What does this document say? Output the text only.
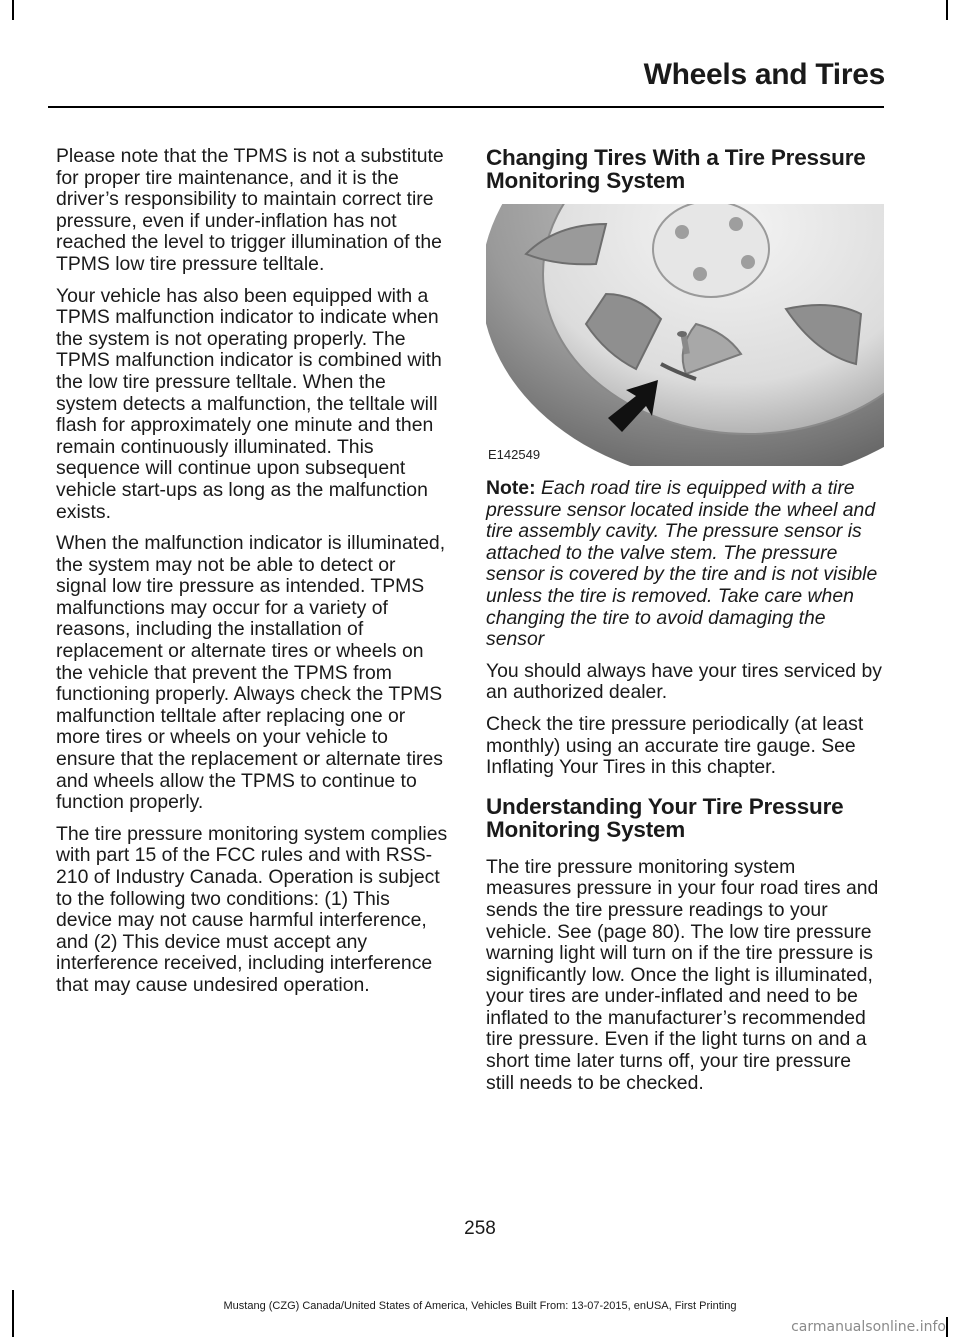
Wheels and Tires

Please note that the TPMS is not a substitute for proper tire maintenance, and it is the driver’s responsibility to maintain correct tire pressure, even if under-inflation has not reached the level to trigger illumination of the TPMS low tire pressure telltale.

Your vehicle has also been equipped with a TPMS malfunction indicator to indicate when the system is not operating properly. The TPMS malfunction indicator is combined with the low tire pressure telltale. When the system detects a malfunction, the telltale will flash for approximately one minute and then remain continuously illuminated. This sequence will continue upon subsequent vehicle start-ups as long as the malfunction exists.

When the malfunction indicator is illuminated, the system may not be able to detect or signal low tire pressure as intended. TPMS malfunctions may occur for a variety of reasons, including the installation of replacement or alternate tires or wheels on the vehicle that prevent the TPMS from functioning properly. Always check the TPMS malfunction telltale after replacing one or more tires or wheels on your vehicle to ensure that the replacement or alternate tires and wheels allow the TPMS to continue to function properly.

The tire pressure monitoring system complies with part 15 of the FCC rules and with RSS-210 of Industry Canada. Operation is subject to the following two conditions: (1) This device may not cause harmful interference, and (2) This device must accept any interference received, including interference that may cause undesired operation.

Changing Tires With a Tire Pressure Monitoring System
E142549

Note: Each road tire is equipped with a tire pressure sensor located inside the wheel and tire assembly cavity. The pressure sensor is attached to the valve stem. The pressure sensor is covered by the tire and is not visible unless the tire is removed. Take care when changing the tire to avoid damaging the sensor

You should always have your tires serviced by an authorized dealer.

Check the tire pressure periodically (at least monthly) using an accurate tire gauge. See Inflating Your Tires in this chapter.

Understanding Your Tire Pressure Monitoring System

The tire pressure monitoring system measures pressure in your four road tires and sends the tire pressure readings to your vehicle. See (page 80). The low tire pressure warning light will turn on if the tire pressure is significantly low. Once the light is illuminated, your tires are under-inflated and need to be inflated to the manufacturer’s recommended tire pressure. Even if the light turns on and a short time later turns off, your tire pressure still needs to be checked.

258
Mustang (CZG) Canada/United States of America, Vehicles Built From: 13-07-2015, enUSA, First Printing
carmanualsonline.info
